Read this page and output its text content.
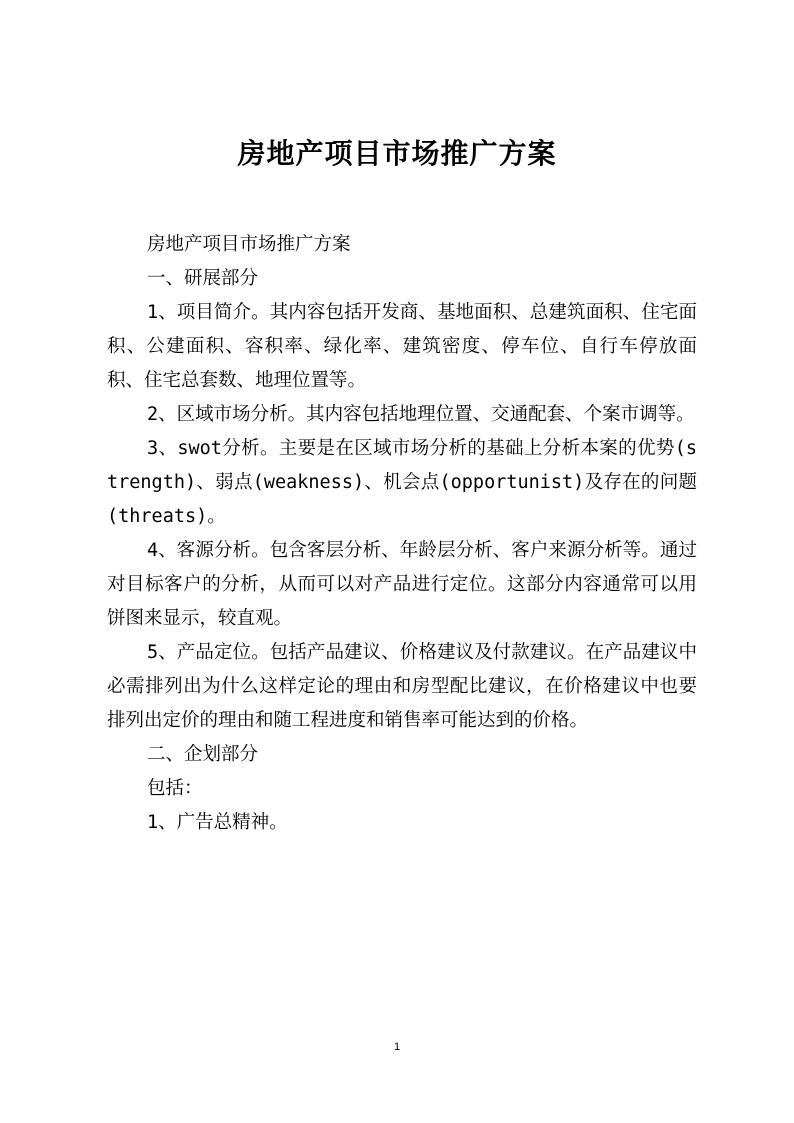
房地产项目市场推广方案

房地产项目市场推广方案

一、研展部分

1、项目简介。其内容包括开发商、基地面积、总建筑面积、住宅面积、公建面积、容积率、绿化率、建筑密度、停车位、自行车停放面积、住宅总套数、地理位置等。

2、区域市场分析。其内容包括地理位置、交通配套、个案市调等。

3、swot分析。主要是在区域市场分析的基础上分析本案的优势(strength)、弱点(weakness)、机会点(opportunist)及存在的问题(threats)。

4、客源分析。包含客层分析、年龄层分析、客户来源分析等。通过对目标客户的分析，从而可以对产品进行定位。这部分内容通常可以用饼图来显示，较直观。

5、产品定位。包括产品建议、价格建议及付款建议。在产品建议中必需排列出为什么这样定论的理由和房型配比建议，在价格建议中也要排列出定价的理由和随工程进度和销售率可能达到的价格。

二、企划部分

包括：

1、广告总精神。

1
